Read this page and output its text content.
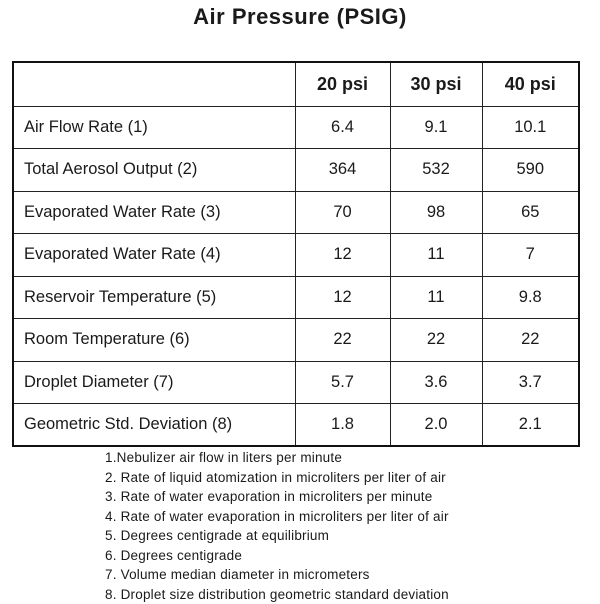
Air Pressure (PSIG)
	20 psi	30 psi	40 psi
Air Flow Rate (1)	6.4	9.1	10.1
Total Aerosol Output (2)	364	532	590
Evaporated Water Rate (3)	70	98	65
Evaporated Water Rate (4)	12	11	7
Reservoir Temperature (5)	12	11	9.8
Room Temperature (6)	22	22	22
Droplet Diameter (7)	5.7	3.6	3.7
Geometric Std. Deviation (8)	1.8	2.0	2.1
1.Nebulizer air flow in liters per minute
2. Rate of liquid atomization in microliters per liter of air
3. Rate of water evaporation in microliters per minute
4. Rate of water evaporation in microliters per liter of air
5. Degrees centigrade at equilibrium
6. Degrees centigrade
7. Volume median diameter in micrometers
8. Droplet size distribution geometric standard deviation
